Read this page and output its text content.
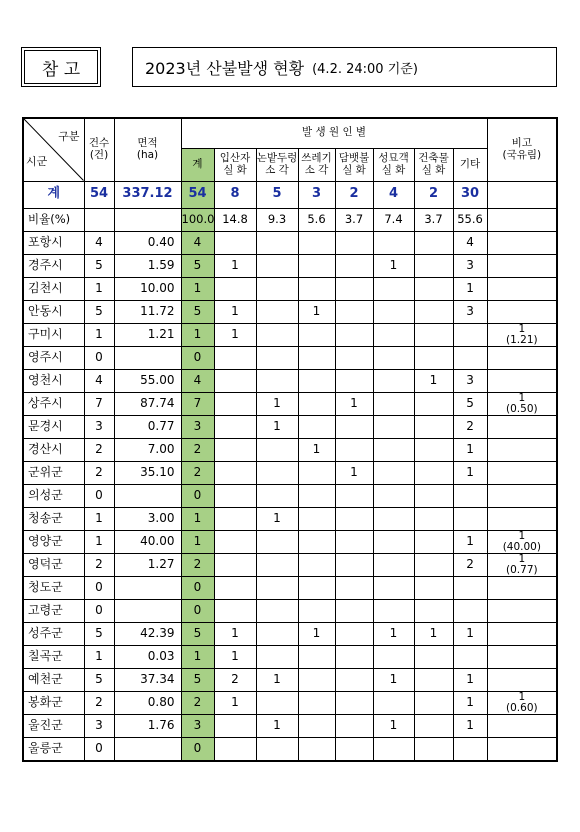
참 고	2023년 산불발생 현황 (4.2. 24:00 기준)
구분
시군	건수
(건)	면적
(ha)	발 생 원 인 별								비고
(국유림)
			계	입산자
실 화	논밭두렁
소 각	쓰레기
소 각	담뱃불
실 화	성묘객
실 화	건축물
실 화	기타	
계	54	337.12	54	8	5	3	2	4	2	30	
비율(%)			100.0	14.8	9.3	5.6	3.7	7.4	3.7	55.6	
포항시	4	0.40	4							4	
경주시	5	1.59	5	1				1		3	
김천시	1	10.00	1							1	
안동시	5	11.72	5	1		1				3	
구미시	1	1.21	1	1							1
(1.21)
영주시	0		0								
영천시	4	55.00	4						1	3	
상주시	7	87.74	7		1		1			5	1
(0.50)
문경시	3	0.77	3		1					2	
경산시	2	7.00	2			1				1	
군위군	2	35.10	2				1			1	
의성군	0		0								
청송군	1	3.00	1		1						
영양군	1	40.00	1							1	1
(40.00)
영덕군	2	1.27	2							2	1
(0.77)
청도군	0		0								
고령군	0		0								
성주군	5	42.39	5	1		1		1	1	1	
칠곡군	1	0.03	1	1							
예천군	5	37.34	5	2	1			1		1	
봉화군	2	0.80	2	1						1	1
(0.60)
울진군	3	1.76	3		1			1		1	
울릉군	0		0								
